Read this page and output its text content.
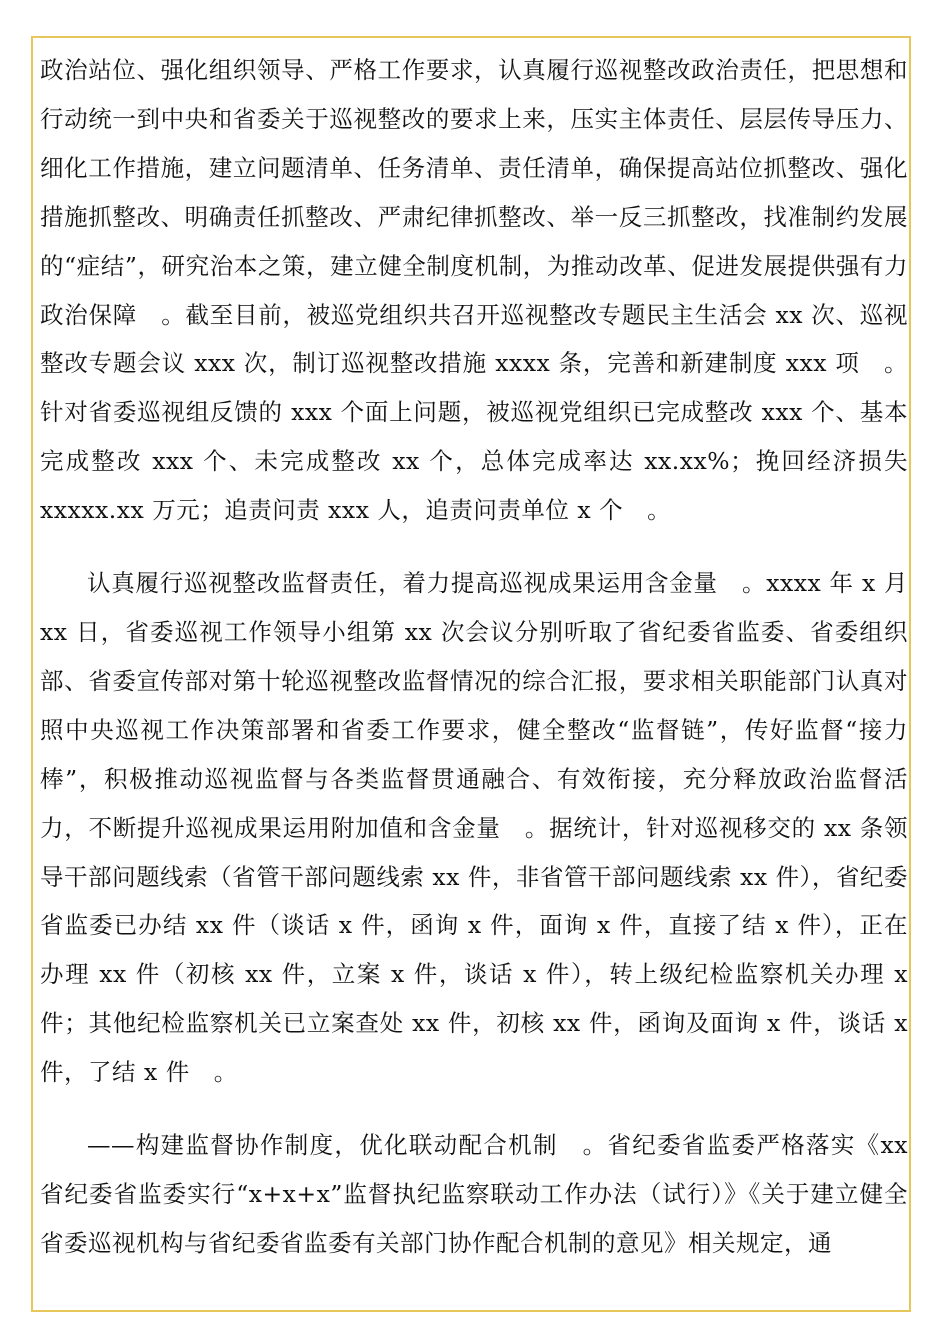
政治站位、强化组织领导、严格工作要求，认真履行巡视整改政治责任，把思想和行动统一到中央和省委关于巡视整改的要求上来，压实主体责任、层层传导压力、细化工作措施，建立问题清单、任务清单、责任清单，确保提高站位抓整改、强化措施抓整改、明确责任抓整改、严肃纪律抓整改、举一反三抓整改，找准制约发展的“症结”，研究治本之策，建立健全制度机制，为推动改革、促进发展提供强有力政治保障　。截至目前，被巡党组织共召开巡视整改专题民主生活会 xx 次、巡视整改专题会议 xxx 次，制订巡视整改措施 xxxx 条，完善和新建制度 xxx 项　。针对省委巡视组反馈的 xxx 个面上问题，被巡视党组织已完成整改 xxx 个、基本完成整改 xxx 个、未完成整改 xx 个，总体完成率达 xx.xx%；挽回经济损失 xxxxx.xx 万元；追责问责 xxx 人，追责问责单位 x 个　。

认真履行巡视整改监督责任，着力提高巡视成果运用含金量　。xxxx 年 x 月 xx 日，省委巡视工作领导小组第 xx 次会议分别听取了省纪委省监委、省委组织部、省委宣传部对第十轮巡视整改监督情况的综合汇报，要求相关职能部门认真对照中央巡视工作决策部署和省委工作要求，健全整改“监督链”，传好监督“接力棒”，积极推动巡视监督与各类监督贯通融合、有效衔接，充分释放政治监督活力，不断提升巡视成果运用附加值和含金量　。据统计，针对巡视移交的 xx 条领导干部问题线索（省管干部问题线索 xx 件，非省管干部问题线索 xx 件），省纪委省监委已办结 xx 件（谈话 x 件，函询 x 件，面询 x 件，直接了结 x 件），正在办理 xx 件（初核 xx 件，立案 x 件，谈话 x 件），转上级纪检监察机关办理 x 件；其他纪检监察机关已立案查处 xx 件，初核 xx 件，函询及面询 x 件，谈话 x 件，了结 x 件　。

——构建监督协作制度，优化联动配合机制　。省纪委省监委严格落实《xx 省纪委省监委实行“x+x+x”监督执纪监察联动工作办法（试行）》《关于建立健全省委巡视机构与省纪委省监委有关部门协作配合机制的意见》相关规定，通
